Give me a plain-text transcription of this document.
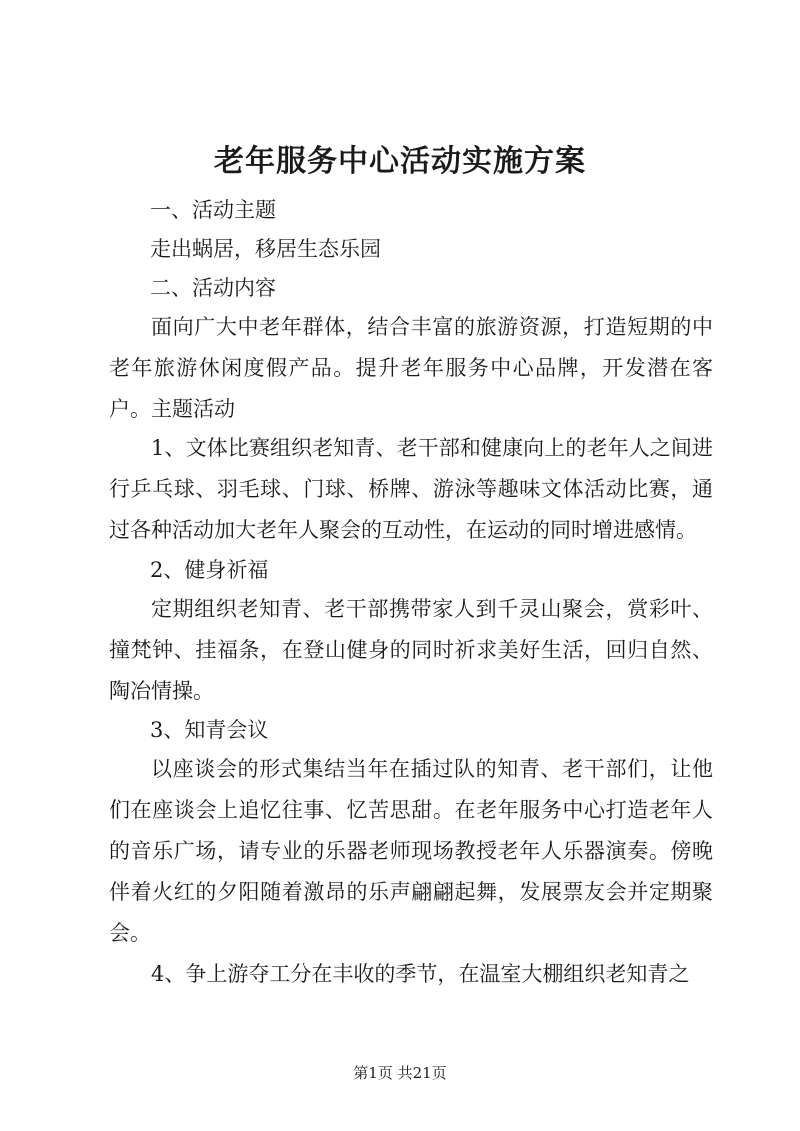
老年服务中心活动实施方案
一、活动主题
走出蜗居，移居生态乐园
二、活动内容
面向广大中老年群体，结合丰富的旅游资源，打造短期的中老年旅游休闲度假产品。提升老年服务中心品牌，开发潜在客户。主题活动
1、文体比赛组织老知青、老干部和健康向上的老年人之间进行乒乓球、羽毛球、门球、桥牌、游泳等趣味文体活动比赛，通过各种活动加大老年人聚会的互动性，在运动的同时增进感情。
2、健身祈福
定期组织老知青、老干部携带家人到千灵山聚会，赏彩叶、撞梵钟、挂福条，在登山健身的同时祈求美好生活，回归自然、陶冶情操。
3、知青会议
以座谈会的形式集结当年在插过队的知青、老干部们，让他们在座谈会上追忆往事、忆苦思甜。在老年服务中心打造老年人的音乐广场，请专业的乐器老师现场教授老年人乐器演奏。傍晚伴着火红的夕阳随着激昂的乐声翩翩起舞，发展票友会并定期聚会。
4、争上游夺工分在丰收的季节，在温室大棚组织老知青之
第1页 共21页
